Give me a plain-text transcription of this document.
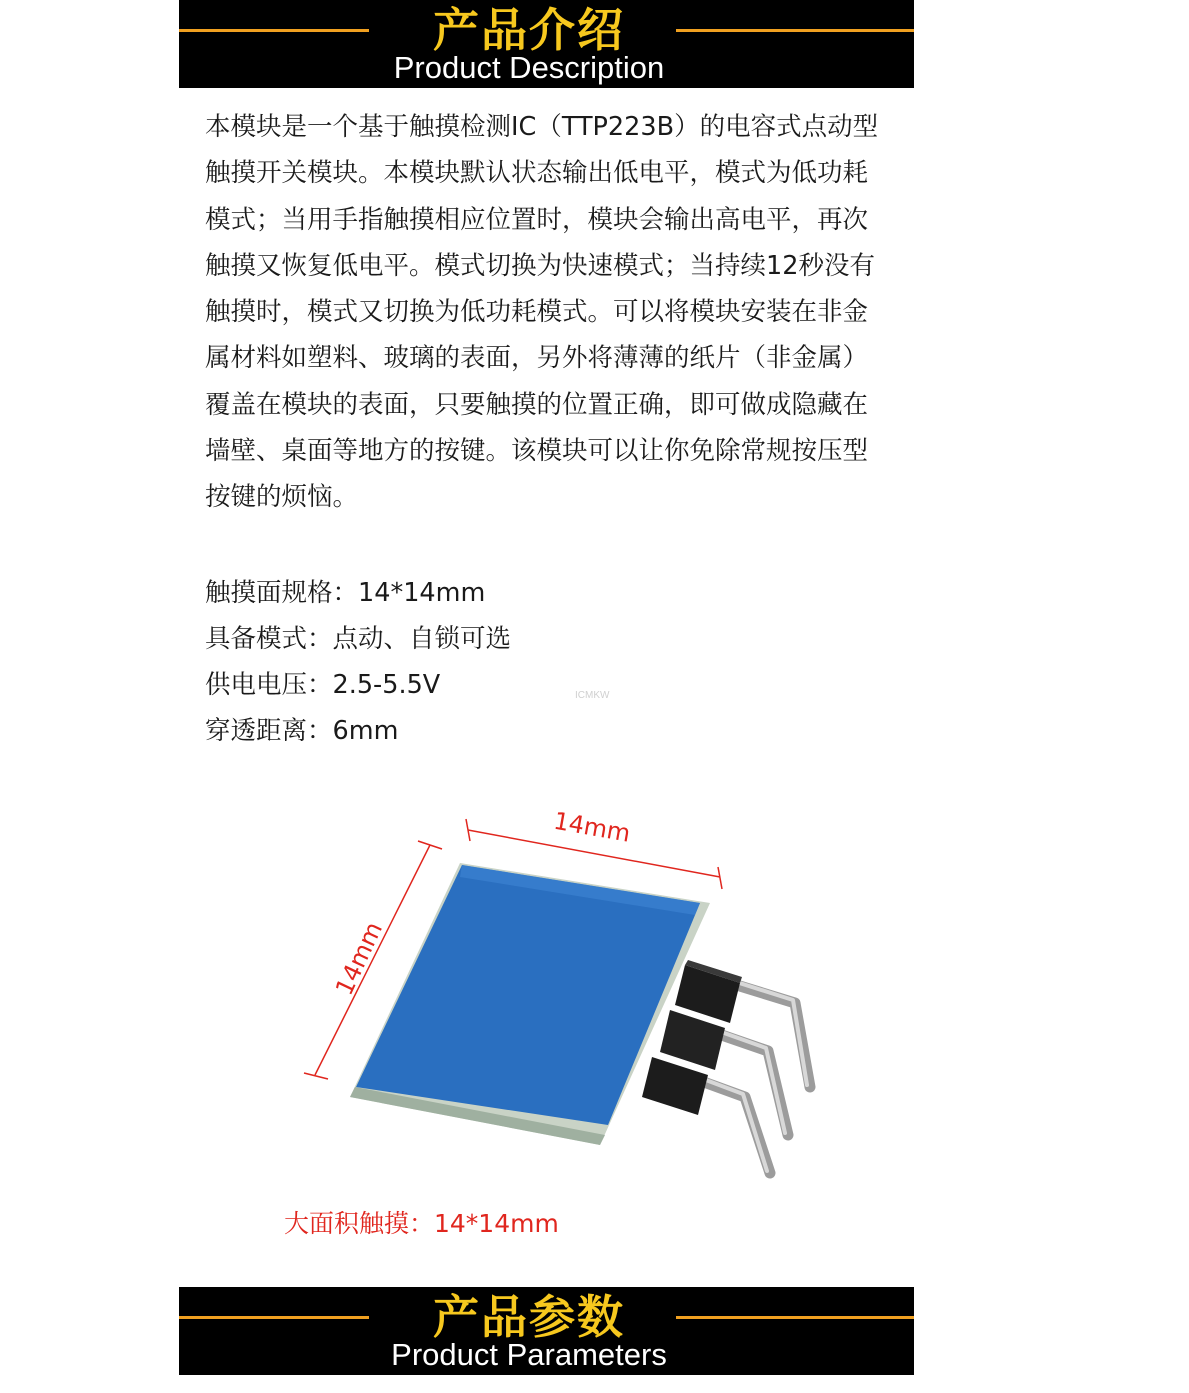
产品介绍
Product Description
本模块是一个基于触摸检测IC（TTP223B）的电容式点动型
触摸开关模块。本模块默认状态输出低电平，模式为低功耗
模式；当用手指触摸相应位置时，模块会输出高电平，再次
触摸又恢复低电平。模式切换为快速模式；当持续12秒没有
触摸时，模式又切换为低功耗模式。可以将模块安装在非金
属材料如塑料、玻璃的表面，另外将薄薄的纸片（非金属）
覆盖在模块的表面，只要触摸的位置正确，即可做成隐藏在
墙壁、桌面等地方的按键。该模块可以让你免除常规按压型
按键的烦恼。
触摸面规格：14*14mm
具备模式：点动、自锁可选
供电电压：2.5-5.5V
穿透距离：6mm
ICMKW
14mm
14mm
大面积触摸：14*14mm
产品参数
Product Parameters
